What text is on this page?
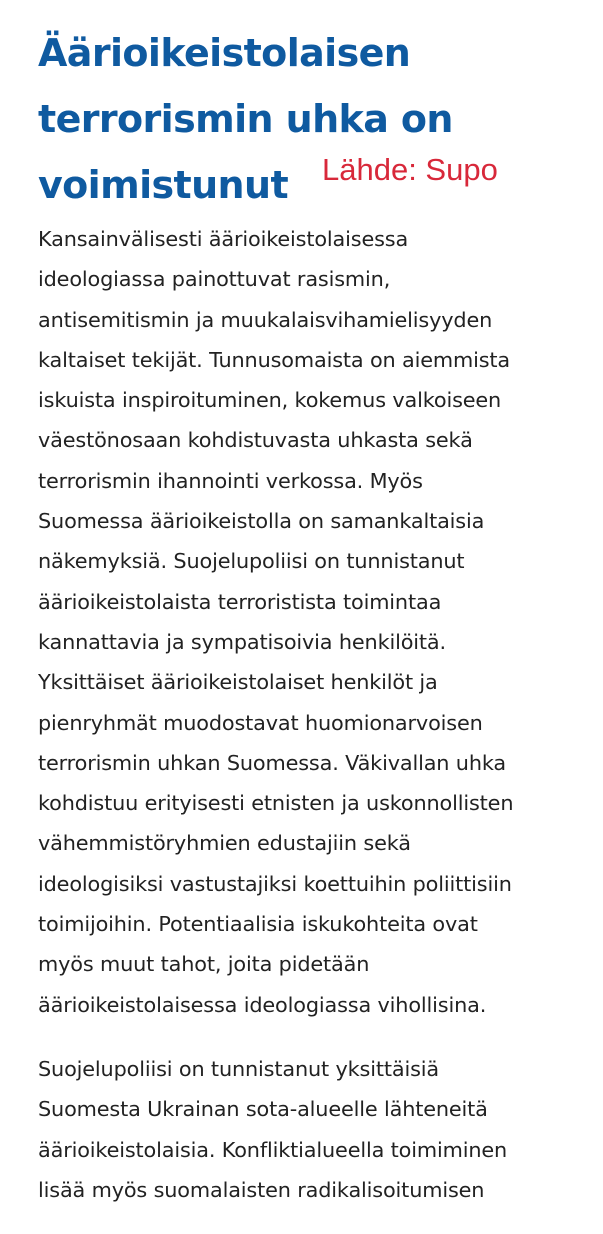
Äärioikeistolaisen
terrorismin uhka on
voimistunut	Lähde: Supo

Kansainvälisesti äärioikeistolaisessa
ideologiassa painottuvat rasismin,
antisemitismin ja muukalaisvihamielisyyden
kaltaiset tekijät. Tunnusomaista on aiemmista
iskuista inspiroituminen, kokemus valkoiseen
väestönosaan kohdistuvasta uhkasta sekä
terrorismin ihannointi verkossa. Myös
Suomessa äärioikeistolla on samankaltaisia
näkemyksiä. Suojelupoliisi on tunnistanut
äärioikeistolaista terroristista toimintaa
kannattavia ja sympatisoivia henkilöitä.
Yksittäiset äärioikeistolaiset henkilöt ja
pienryhmät muodostavat huomionarvoisen
terrorismin uhkan Suomessa. Väkivallan uhka
kohdistuu erityisesti etnisten ja uskonnollisten
vähemmistöryhmien edustajiin sekä
ideologisiksi vastustajiksi koettuihin poliittisiin
toimijoihin. Potentiaalisia iskukohteita ovat
myös muut tahot, joita pidetään
äärioikeistolaisessa ideologiassa vihollisina.

Suojelupoliisi on tunnistanut yksittäisiä
Suomesta Ukrainan sota-alueelle lähteneitä
äärioikeistolaisia. Konfliktialueella toimiminen
lisää myös suomalaisten radikalisoitumisen
